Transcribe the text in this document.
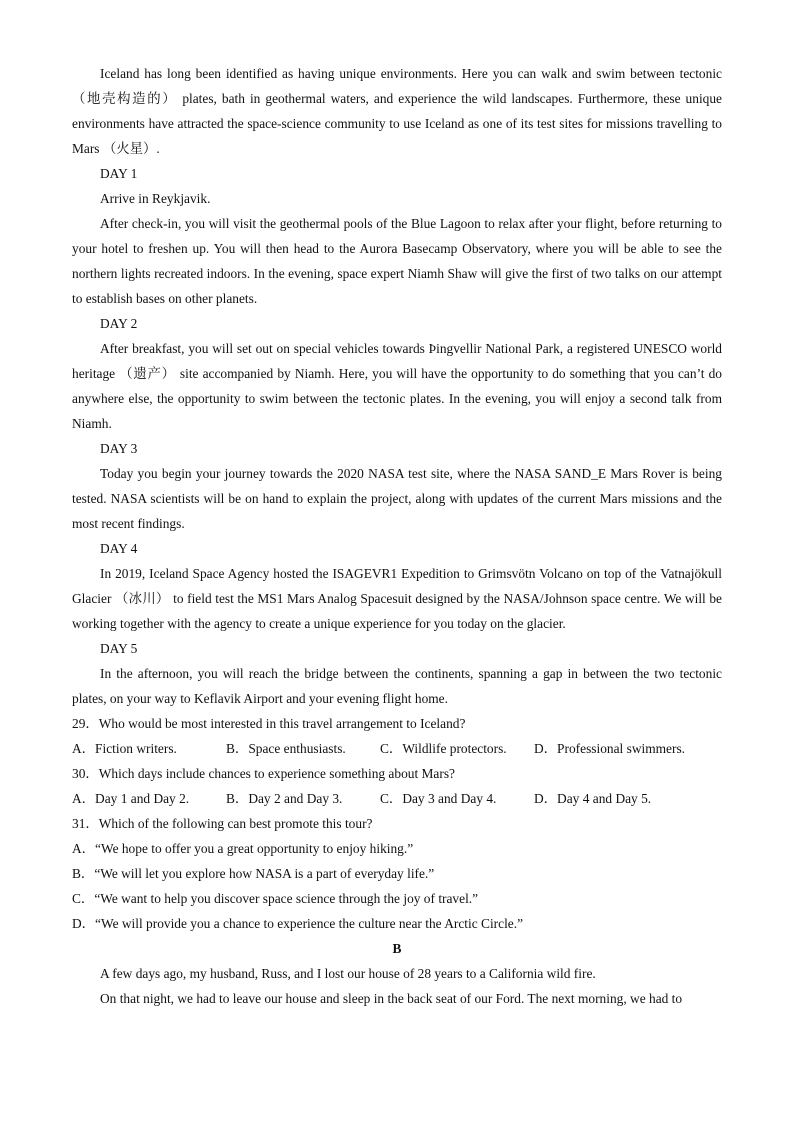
Iceland has long been identified as having unique environments. Here you can walk and swim between tectonic （地壳构造的） plates, bath in geothermal waters, and experience the wild landscapes. Furthermore, these unique environments have attracted the space-science community to use Iceland as one of its test sites for missions travelling to Mars （火星）.
DAY 1
Arrive in Reykjavik.
After check-in, you will visit the geothermal pools of the Blue Lagoon to relax after your flight, before returning to your hotel to freshen up. You will then head to the Aurora Basecamp Observatory, where you will be able to see the northern lights recreated indoors. In the evening, space expert Niamh Shaw will give the first of two talks on our attempt to establish bases on other planets.
DAY 2
After breakfast, you will set out on special vehicles towards Þingvellir National Park, a registered UNESCO world heritage （遗产） site accompanied by Niamh. Here, you will have the opportunity to do something that you can’t do anywhere else, the opportunity to swim between the tectonic plates. In the evening, you will enjoy a second talk from Niamh.
DAY 3
Today you begin your journey towards the 2020 NASA test site, where the NASA SAND_E Mars Rover is being tested. NASA scientists will be on hand to explain the project, along with updates of the current Mars missions and the most recent findings.
DAY 4
In 2019, Iceland Space Agency hosted the ISAGEVR1 Expedition to Grimsvötn Volcano on top of the Vatnajökull Glacier （冰川） to field test the MS1 Mars Analog Spacesuit designed by the NASA/Johnson space centre. We will be working together with the agency to create a unique experience for you today on the glacier.
DAY 5
In the afternoon, you will reach the bridge between the continents, spanning a gap in between the two tectonic plates, on your way to Keflavik Airport and your evening flight home.
29．Who would be most interested in this travel arrangement to Iceland?
A．Fiction writers.	B．Space enthusiasts.	C．Wildlife protectors.	D．Professional swimmers.
30．Which days include chances to experience something about Mars?
A．Day 1 and Day 2.	B．Day 2 and Day 3.	C．Day 3 and Day 4.	D．Day 4 and Day 5.
31．Which of the following can best promote this tour?
A．“We hope to offer you a great opportunity to enjoy hiking.”
B．“We will let you explore how NASA is a part of everyday life.”
C．“We want to help you discover space science through the joy of travel.”
D．“We will provide you a chance to experience the culture near the Arctic Circle.”
B
A few days ago, my husband, Russ, and I lost our house of 28 years to a California wild fire.
On that night, we had to leave our house and sleep in the back seat of our Ford. The next morning, we had to
